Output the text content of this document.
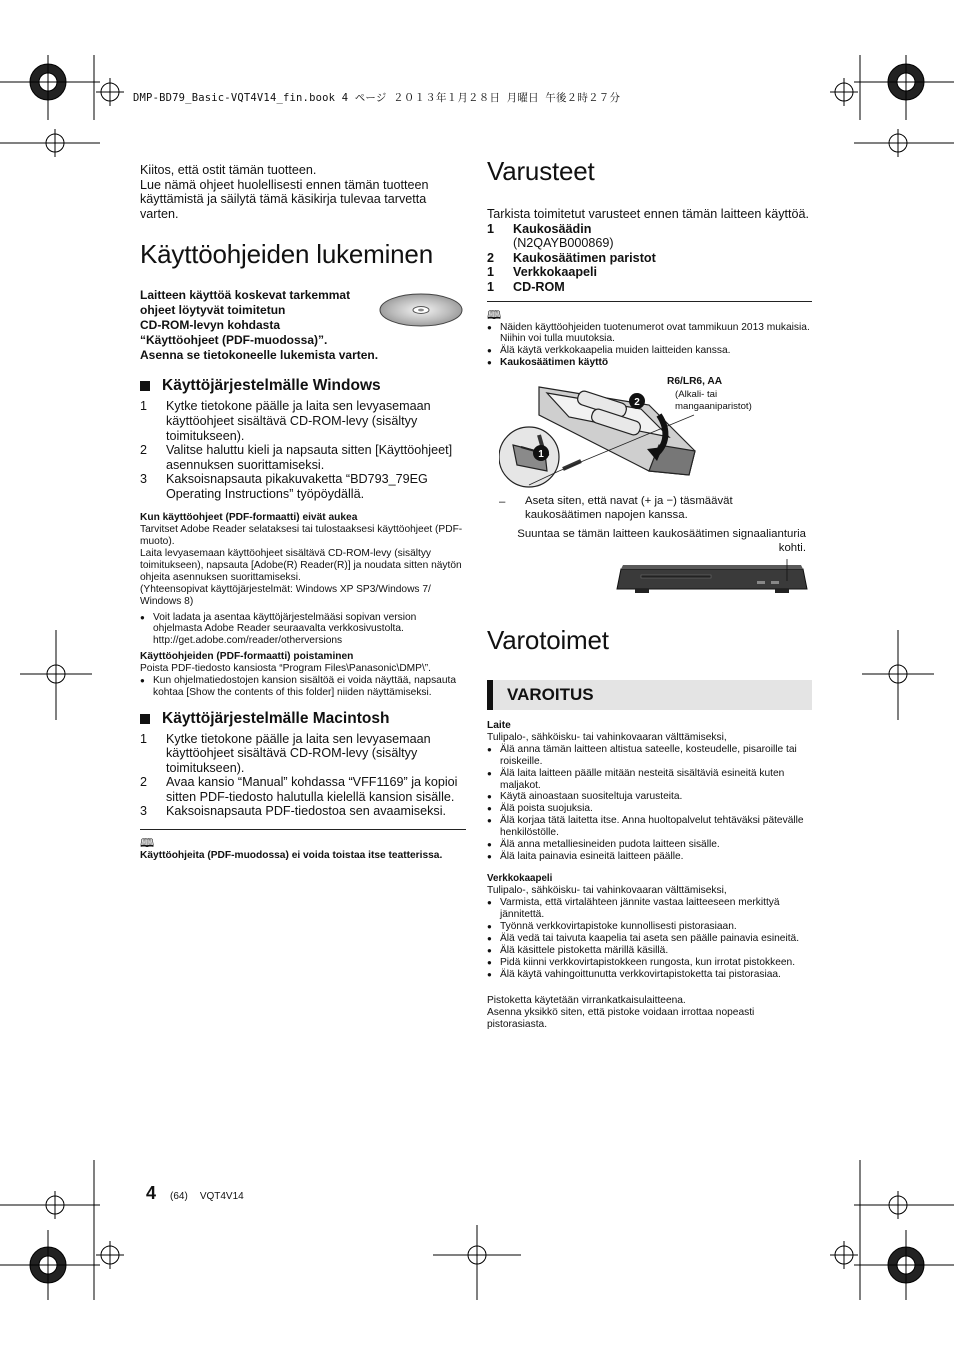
DMP-BD79_Basic-VQT4V14_fin.book 4 ページ ２０１３年１月２８日 月曜日 午後２時２７分

Kiitos, että ostit tämän tuotteen.

Lue nämä ohjeet huolellisesti ennen tämän tuotteen käyttämistä ja säilytä tämä käsikirja tulevaa tarvetta varten.

Käyttöohjeiden lukeminen

Laitteen käyttöä koskevat tarkemmat

ohjeet löytyvät toimitetun

CD-ROM-levyn kohdasta

“Käyttöohjeet (PDF-muodossa)”.

Asenna se tietokoneelle lukemista varten.

Käyttöjärjestelmälle Windows
1	Kytke tietokone päälle ja laita sen levyasemaan käyttöohjeet sisältävä CD-ROM-levy (sisältyy toimitukseen).
2	Valitse haluttu kieli ja napsauta sitten [Käyttöohjeet] asennuksen suorittamiseksi.
3	Kaksoisnapsauta pikakuvaketta “BD793_79EG Operating Instructions” työpöydällä.

Kun käyttöohjeet (PDF-formaatti) eivät aukea

Tarvitset Adobe Reader selataksesi tai tulostaaksesi käyttöohjeet (PDF-muoto).
Laita levyasemaan käyttöohjeet sisältävä CD-ROM-levy (sisältyy toimitukseen), napsauta [Adobe(R) Reader(R)] ja noudata sitten näytön ohjeita asennuksen suorittamiseksi.
(Yhteensopivat käyttöjärjestelmät: Windows XP SP3/Windows 7/ Windows 8)

● Voit ladata ja asentaa käyttöjärjestelmääsi sopivan version ohjelmasta Adobe Reader seuraavalta verkkosivustolta.
http://get.adobe.com/reader/otherversions

Käyttöohjeiden (PDF-formaatti) poistaminen

Poista PDF-tiedosto kansiosta “Program Files\Panasonic\DMP\”.

● Kun ohjelmatiedostojen kansion sisältöä ei voida näyttää, napsauta kohtaa [Show the contents of this folder] niiden näyttämiseksi.
Käyttöjärjestelmälle Macintosh
1	Kytke tietokone päälle ja laita sen levyasemaan käyttöohjeet sisältävä CD-ROM-levy (sisältyy toimitukseen).
2	Avaa kansio “Manual” kohdassa “VFF1169” ja kopioi sitten PDF-tiedosto halutulla kielellä kansion sisälle.
3	Kaksoisnapsauta PDF-tiedostoa sen avaamiseksi.

🕮

Käyttöohjeita (PDF-muodossa) ei voida toistaa itse teatterissa.

Varusteet

Tarkista toimitetut varusteet ennen tämän laitteen käyttöä.

1	Kaukosäädin
(N2QAYB000869)
2	Kaukosäätimen paristot
1	Verkkokaapeli
1	CD-ROM

🕮

● Näiden käyttöohjeiden tuotenumerot ovat tammikuun 2013 mukaisia. Niihin voi tulla muutoksia.
● Älä käytä verkkokaapelia muiden laitteiden kanssa.
● Kaukosäätimen käyttö
1
2

R6/LR6, AA

(Alkali- tai mangaaniparistot)

–	Aseta siten, että navat (+ ja −) täsmäävät kaukosäätimen napojen kanssa.

Suuntaa se tämän laitteen kaukosäätimen signaalianturia kohti.

Varotoimet
VAROITUS

Laite

Tulipalo-, sähköisku- tai vahinkovaaran välttämiseksi,

● Älä anna tämän laitteen altistua sateelle, kosteudelle, pisaroille tai roiskeille.
● Älä laita laitteen päälle mitään nesteitä sisältäviä esineitä kuten maljakot.
● Käytä ainoastaan suositeltuja varusteita.
● Älä poista suojuksia.
● Älä korjaa tätä laitetta itse. Anna huoltopalvelut tehtäväksi pätevälle henkilöstölle.
● Älä anna metalliesineiden pudota laitteen sisälle.
● Älä laita painavia esineitä laitteen päälle.

Verkkokaapeli

Tulipalo-, sähköisku- tai vahinkovaaran välttämiseksi,

● Varmista, että virtalähteen jännite vastaa laitteeseen merkittyä jännitettä.
● Työnnä verkkovirtapistoke kunnollisesti pistorasiaan.
● Älä vedä tai taivuta kaapelia tai aseta sen päälle painavia esineitä.
● Älä käsittele pistoketta märillä käsillä.
● Pidä kiinni verkkovirtapistokkeen rungosta, kun irrotat pistokkeen.
● Älä käytä vahingoittunutta verkkovirtapistoketta tai pistorasiaa.

Pistoketta käytetään virrankatkaisulaitteena.
Asenna yksikkö siten, että pistoke voidaan irrottaa nopeasti pistorasiasta.

4 (64) VQT4V14
